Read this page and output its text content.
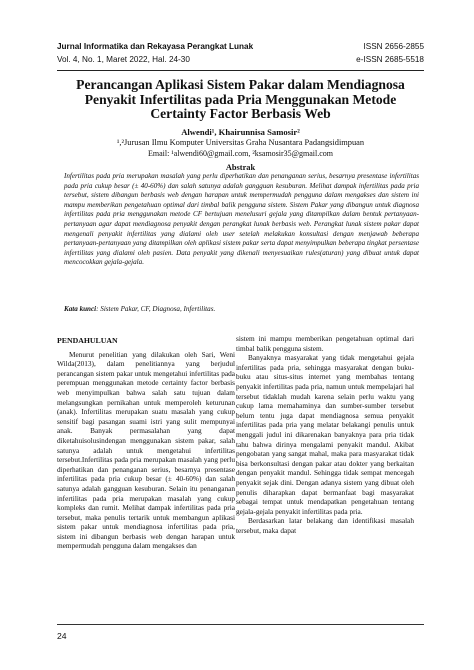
Jurnal Informatika dan Rekayasa Perangkat Lunak	ISSN 2656-2855
Vol. 4, No. 1, Maret 2022, Hal. 24-30	e-ISSN 2685-5518
Perancangan Aplikasi Sistem Pakar dalam Mendiagnosa Penyakit Infertilitas pada Pria Menggunakan Metode Certainty Factor Berbasis Web
Alwendi¹, Khairunnisa Samosir²
¹,²Jurusan Ilmu Komputer Universitas Graha Nusantara Padangsidimpuan
Email: ¹alwendi60@gmail.com, ²ksamosir35@gmail.com
Abstrak

Infertilitas pada pria merupakan masalah yang perlu diperhatikan dan penanganan serius, besarnya presentase infertilitas pada pria cukup besar (± 40-60%) dan salah satunya adalah gangguan kesuburan. Melihat dampak infertilitas pada pria tersebut, sistem dibangun berbasis web dengan harapan untuk mempermudah pengguna dalam mengakses dan sistem ini mampu memberikan pengetahuan optimal dari timbal balik pengguna sistem. Sistem Pakar yang dibangun untuk diagnosa infertilitas pada pria menggunakan metode CF bertujuan menelusuri gejala yang ditampilkan dalam bentuk pertanyaan-pertanyaan agar dapat mendiagnosa penyakit dengan perangkat lunak berbasis web. Perangkat lunak sistem pakar dapat mengenali penyakit infertilitas yang dialami oleh user setelah melakukan konsultasi dengan menjawab beberapa pertanyaan-pertanyaan yang ditampilkan oleh aplikasi sistem pakar serta dapat menyimpulkan beberapa tingkat persentase infertilitas yang dialami oleh pasien. Data penyakit yang dikenali menyesuaikan rules(aturan) yang dibuat untuk dapat mencocokkan gejala-gejala.

Kata kunci: Sistem Pakar, CF, Diagnosa, Infertilitas.

PENDAHULUAN

Menurut penelitian yang dilakukan oleh Sari, Weni Wilda(2013), dalam penelitiannya yang berjudul perancangan sistem pakar untuk mengetahui infertilitas pada perempuan menggunakan metode certainty factor berbasis web menyimpulkan bahwa salah satu tujuan dalam melangsungkan pernikahan untuk memperoleh keturunan (anak). Infertilitas merupakan suatu masalah yang cukup sensitif bagi pasangan suami istri yang sulit mempunyai anak. Banyak permasalahan yang dapat diketahuisolusindengan menggunakan sistem pakar, salah satunya adalah untuk mengetahui infertilitas tersebut.Infertilitas pada pria merupakan masalah yang perlu diperhatikan dan penanganan serius, besarnya presentase infertilitas pada pria cukup besar (± 40-60%) dan salah satunya adalah gangguan kesuburan. Selain itu penanganan infertilitas pada pria merupakan masalah yang cukup kompleks dan rumit. Melihat dampak infertilitas pada pria tersebut, maka penulis tertarik untuk membangun aplikasi sistem pakar untuk mendiagnosa infertilitas pada pria, sistem ini dibangun berbasis web dengan harapan untuk mempermudah pengguna dalam mengakses dan

sistem ini mampu memberikan pengetahuan optimal dari timbal balik pengguna sistem.

Banyaknya masyarakat yang tidak mengetahui gejala infertilitas pada pria, sehingga masyarakat dengan buku-buku atau situs-situs internet yang membahas tentang penyakit infertilitas pada pria, namun untuk mempelajari hal tersebut tidaklah mudah karena selain perlu waktu yang cukup lama memahaminya dan sumber-sumber tersebut belum tentu juga dapat mendiagnosa semua penyakit infertilitas pada pria yang melatar belakangi penulis untuk menggali judul ini dikarenakan banyaknya para pria tidak tahu bahwa dirinya mengalami penyakit mandul. Akibat pengobatan yang sangat mahal, maka para masyarakat tidak bisa berkonsultasi dengan pakar atau dokter yang berkaitan dengan penyakit mandul. Sehingga tidak sempat mencegah penyakit sejak dini. Dengan adanya sistem yang dibuat oleh penulis diharapkan dapat bermanfaat bagi masyarakat sebagai tempat untuk mendapatkan pengetahuan tentang gejala-gejala penyakit infertilitas pada pria.

Berdasarkan latar belakang dan identifikasi masalah tersebut, maka dapat

24
